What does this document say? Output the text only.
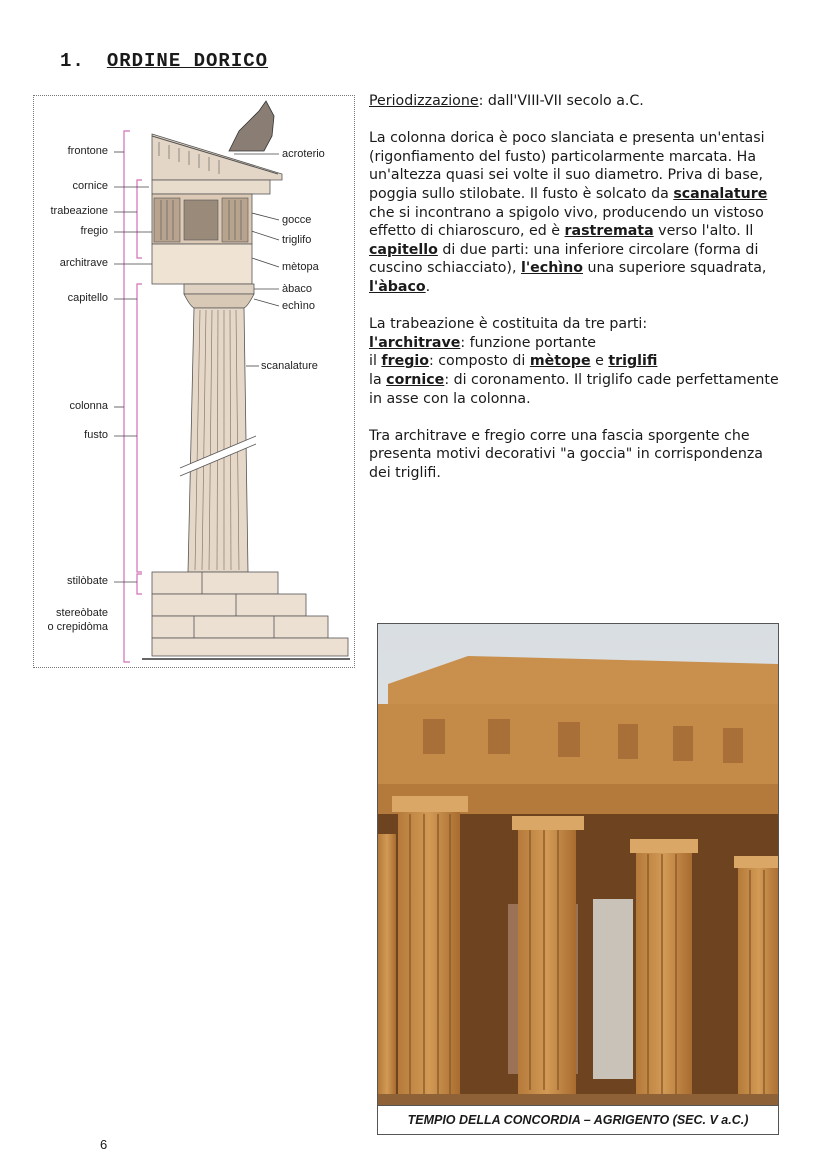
1. ORDINE DORICO
frontone
cornice
trabeazione
fregio
architrave
capitello
colonna
fusto
stilòbate
stereòbate
o crepidòma
acroterio
gocce
triglifo
mètopa
àbaco
echìno
scanalature

Periodizzazione: dall'VIII-VII secolo a.C.

La colonna dorica è poco slanciata e presenta un'entasi (rigonfiamento del fusto) particolarmente marcata. Ha un'altezza quasi sei volte il suo diametro. Priva di base, poggia sullo stilobate. Il fusto è solcato da scanalature che si incontrano a spigolo vivo, producendo un vistoso effetto di chiaroscuro, ed è rastremata verso l'alto. Il capitello di due parti: una inferiore circolare (forma di cuscino schiacciato), l'echìno una superiore squadrata, l'àbaco.

La trabeazione è costituita da tre parti:
l'architrave: funzione portante
il fregio: composto di mètope e triglifi
la cornice: di coronamento. Il triglifo cade perfettamente in asse con la colonna.

Tra architrave e fregio corre una fascia sporgente che presenta motivi decorativi "a goccia" in corrispondenza dei triglifi.

TEMPIO DELLA CONCORDIA – AGRIGENTO (SEC. V a.C.)
6
